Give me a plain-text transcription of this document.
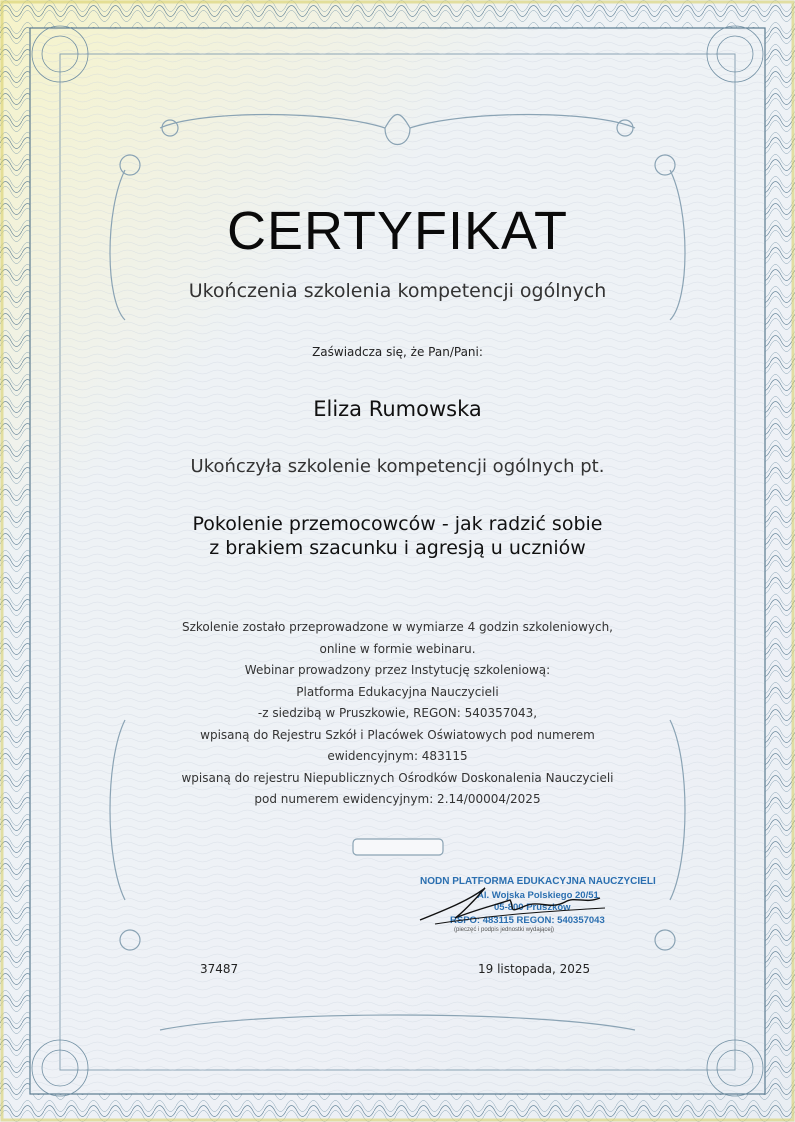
CERTYFIKAT
Ukończenia szkolenia kompetencji ogólnych
Zaświadcza się, że Pan/Pani:
Eliza Rumowska
Ukończyła szkolenie kompetencji ogólnych pt.
Pokolenie przemocowców - jak radzić sobie
z brakiem szacunku i agresją u uczniów
Szkolenie zostało przeprowadzone w wymiarze 4 godzin szkoleniowych,
online w formie webinaru.
Webinar prowadzony przez Instytucję szkoleniową:
Platforma Edukacyjna Nauczycieli
-z siedzibą w Pruszkowie, REGON: 540357043,
wpisaną do Rejestru Szkół i Placówek Oświatowych pod numerem
ewidencyjnym: 483115
wpisaną do rejestru Niepublicznych Ośrodków Doskonalenia Nauczycieli
pod numerem ewidencyjnym: 2.14/00004/2025
NODN PLATFORMA EDUKACYJNA NAUCZYCIELI
Al. Wojska Polskiego 20/51
05-800 Pruszków
RSPO: 483115 REGON: 540357043
(pieczęć i podpis jednostki wydającej)
37487	19 listopada, 2025
